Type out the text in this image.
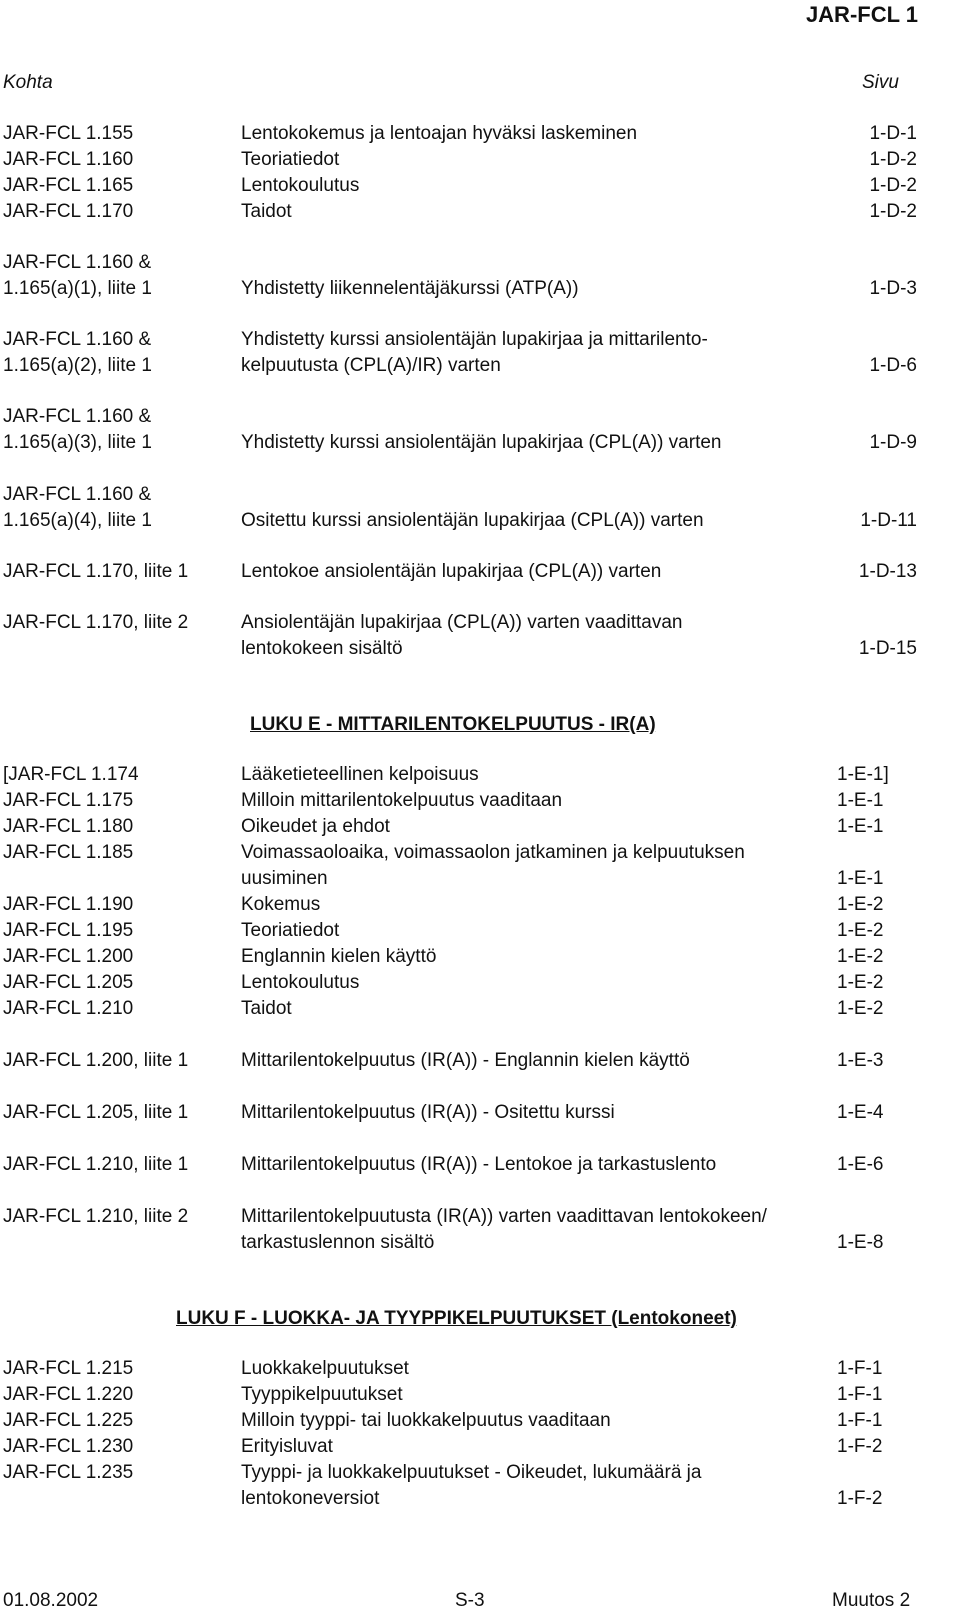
JAR-FCL 1
Kohta	Sivu
JAR-FCL 1.155	Lentokokemus ja lentoajan hyväksi laskeminen	1-D-1
JAR-FCL 1.160	Teoriatiedot	1-D-2
JAR-FCL 1.165	Lentokoulutus	1-D-2
JAR-FCL 1.170	Taidot	1-D-2
JAR-FCL 1.160 &
1.165(a)(1), liite 1	Yhdistetty liikennelentäjäkurssi (ATP(A))	1-D-3
JAR-FCL 1.160 &	Yhdistetty kurssi ansiolentäjän lupakirjaa ja mittarilento-
1.165(a)(2), liite 1	kelpuutusta (CPL(A)/IR) varten	1-D-6
JAR-FCL 1.160 &
1.165(a)(3), liite 1	Yhdistetty kurssi ansiolentäjän lupakirjaa (CPL(A)) varten	1-D-9
JAR-FCL 1.160 &
1.165(a)(4), liite 1	Ositettu kurssi ansiolentäjän lupakirjaa (CPL(A)) varten	1-D-11
JAR-FCL 1.170, liite 1	Lentokoe ansiolentäjän lupakirjaa (CPL(A)) varten	1-D-13
JAR-FCL 1.170, liite 2	Ansiolentäjän lupakirjaa (CPL(A)) varten vaadittavan
lentokokeen sisältö	1-D-15
LUKU E - MITTARILENTOKELPUUTUS - IR(A)
[JAR-FCL 1.174	Lääketieteellinen kelpoisuus	1-E-1]
JAR-FCL 1.175	Milloin mittarilentokelpuutus vaaditaan	1-E-1
JAR-FCL 1.180	Oikeudet ja ehdot	1-E-1
JAR-FCL 1.185	Voimassaoloaika, voimassaolon jatkaminen ja kelpuutuksen
uusiminen	1-E-1
JAR-FCL 1.190	Kokemus	1-E-2
JAR-FCL 1.195	Teoriatiedot	1-E-2
JAR-FCL 1.200	Englannin kielen käyttö	1-E-2
JAR-FCL 1.205	Lentokoulutus	1-E-2
JAR-FCL 1.210	Taidot	1-E-2
JAR-FCL 1.200, liite 1	Mittarilentokelpuutus (IR(A)) - Englannin kielen käyttö	1-E-3
JAR-FCL 1.205, liite 1	Mittarilentokelpuutus (IR(A)) - Ositettu kurssi	1-E-4
JAR-FCL 1.210, liite 1	Mittarilentokelpuutus (IR(A)) - Lentokoe ja tarkastuslento	1-E-6
JAR-FCL 1.210, liite 2	Mittarilentokelpuutusta (IR(A)) varten vaadittavan lentokokeen/
tarkastuslennon sisältö	1-E-8
LUKU F - LUOKKA- JA TYYPPIKELPUUTUKSET (Lentokoneet)
JAR-FCL 1.215	Luokkakelpuutukset	1-F-1
JAR-FCL 1.220	Tyyppikelpuutukset	1-F-1
JAR-FCL 1.225	Milloin tyyppi- tai luokkakelpuutus vaaditaan	1-F-1
JAR-FCL 1.230	Erityisluvat	1-F-2
JAR-FCL 1.235	Tyyppi- ja luokkakelpuutukset - Oikeudet, lukumäärä ja
lentokoneversiot	1-F-2
01.08.2002	S-3	Muutos 2
